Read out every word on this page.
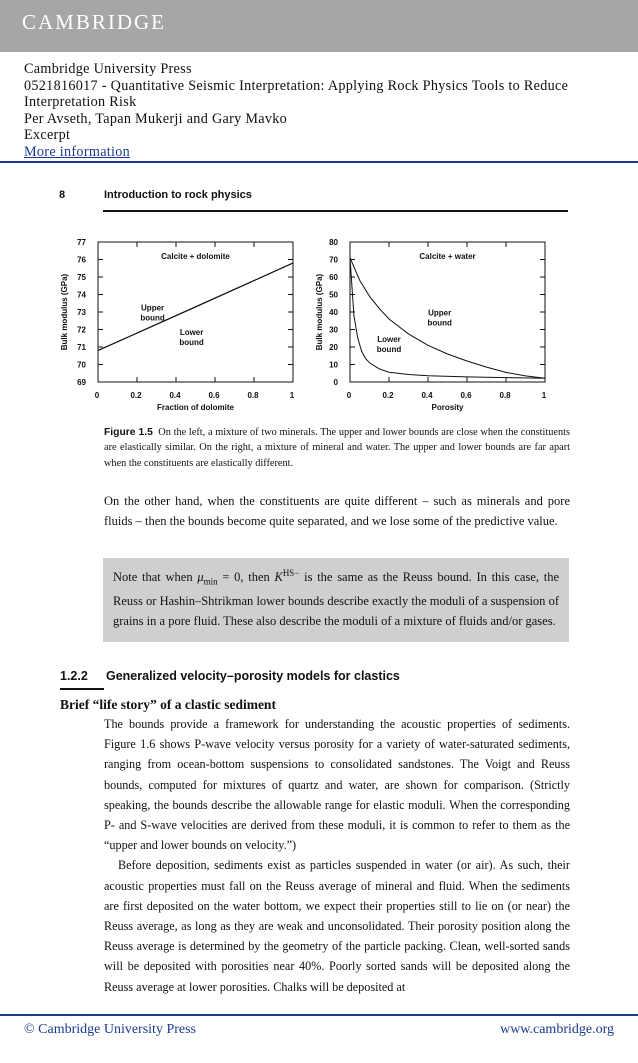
CAMBRIDGE
Cambridge University Press
0521816017 - Quantitative Seismic Interpretation: Applying Rock Physics Tools to Reduce
Interpretation Risk
Per Avseth, Tapan Mukerji and Gary Mavko
Excerpt
More information
8	Introduction to rock physics
0	0.2	0.4	0.6	0.8	1
69
70
71
72
73
74
75
76
77
Fraction of dolomite
Bulk modulus (GPa)
Calcite + dolomite
Upper
bound
Lower
bound
0	0.2	0.4	0.6	0.8	1
0
10
20
30
40
50
60
70
80
Porosity
Bulk modulus (GPa)
Calcite + water
Upper
bound
Lower
bound
Figure 1.5 On the left, a mixture of two minerals. The upper and lower bounds are close when the constituents are elastically similar. On the right, a mixture of mineral and water. The upper and lower bounds are far apart when the constituents are elastically different.
On the other hand, when the constituents are quite different – such as minerals and pore fluids – then the bounds become quite separated, and we lose some of the predictive value.

Note that when $\mu_{min} = 0$, then $K^{HS-}$ is the same as the Reuss bound. In this case, the Reuss or Hashin–Shtrikman lower bounds describe exactly the moduli of a suspension of grains in a pore fluid. These also describe the moduli of a mixture of fluids and/or gases.

1.2.2 Generalized velocity–porosity models for clastics
Brief “life story” of a clastic sediment

The bounds provide a framework for understanding the acoustic properties of sediments. Figure 1.6 shows P-wave velocity versus porosity for a variety of water-saturated sediments, ranging from ocean-bottom suspensions to consolidated sandstones. The Voigt and Reuss bounds, computed for mixtures of quartz and water, are shown for comparison. (Strictly speaking, the bounds describe the allowable range for elastic moduli. When the corresponding P- and S-wave velocities are derived from these moduli, it is common to refer to them as the “upper and lower bounds on velocity.”)

Before deposition, sediments exist as particles suspended in water (or air). As such, their acoustic properties must fall on the Reuss average of mineral and fluid. When the sediments are first deposited on the water bottom, we expect their properties still to lie on (or near) the Reuss average, as long as they are weak and unconsolidated. Their porosity position along the Reuss average is determined by the geometry of the particle packing. Clean, well-sorted sands will be deposited with porosities near 40%. Poorly sorted sands will be deposited along the Reuss average at lower porosities. Chalks will be deposited at

© Cambridge University Press	www.cambridge.org
